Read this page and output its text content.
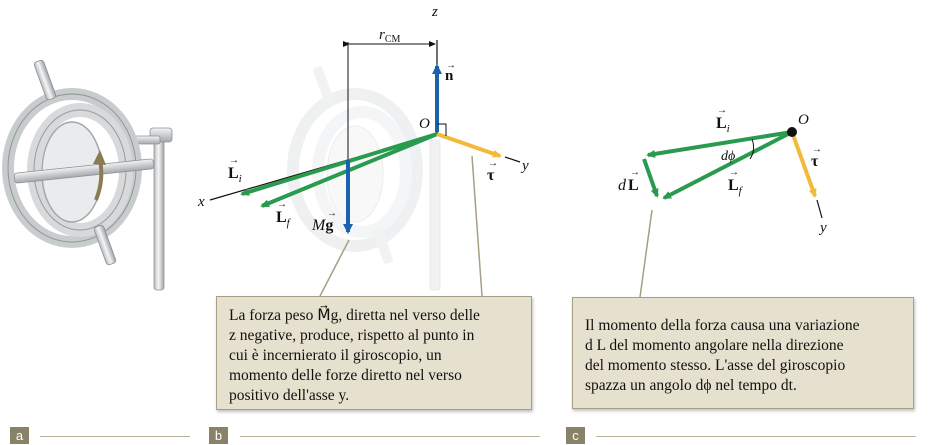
z
$r_{CM}$
n
→
x
$L_i$
→
$L_f$
→
Mg
→
τ
→ y
O	$L_i$
→
$L_f$
→
d L
→
dϕ	τ
→
y
O
La forza peso M⃗g, diretta nel verso delle
z negative, produce, rispetto al punto in
cui è incernierato il giroscopio, un
momento delle forze diretto nel verso
positivo dell'asse y.
Il momento della forza causa una variazione
d L del momento angolare nella direzione
del momento stesso. L'asse del giroscopio
spazza un angolo dϕ nel tempo dt.
a	b	c
